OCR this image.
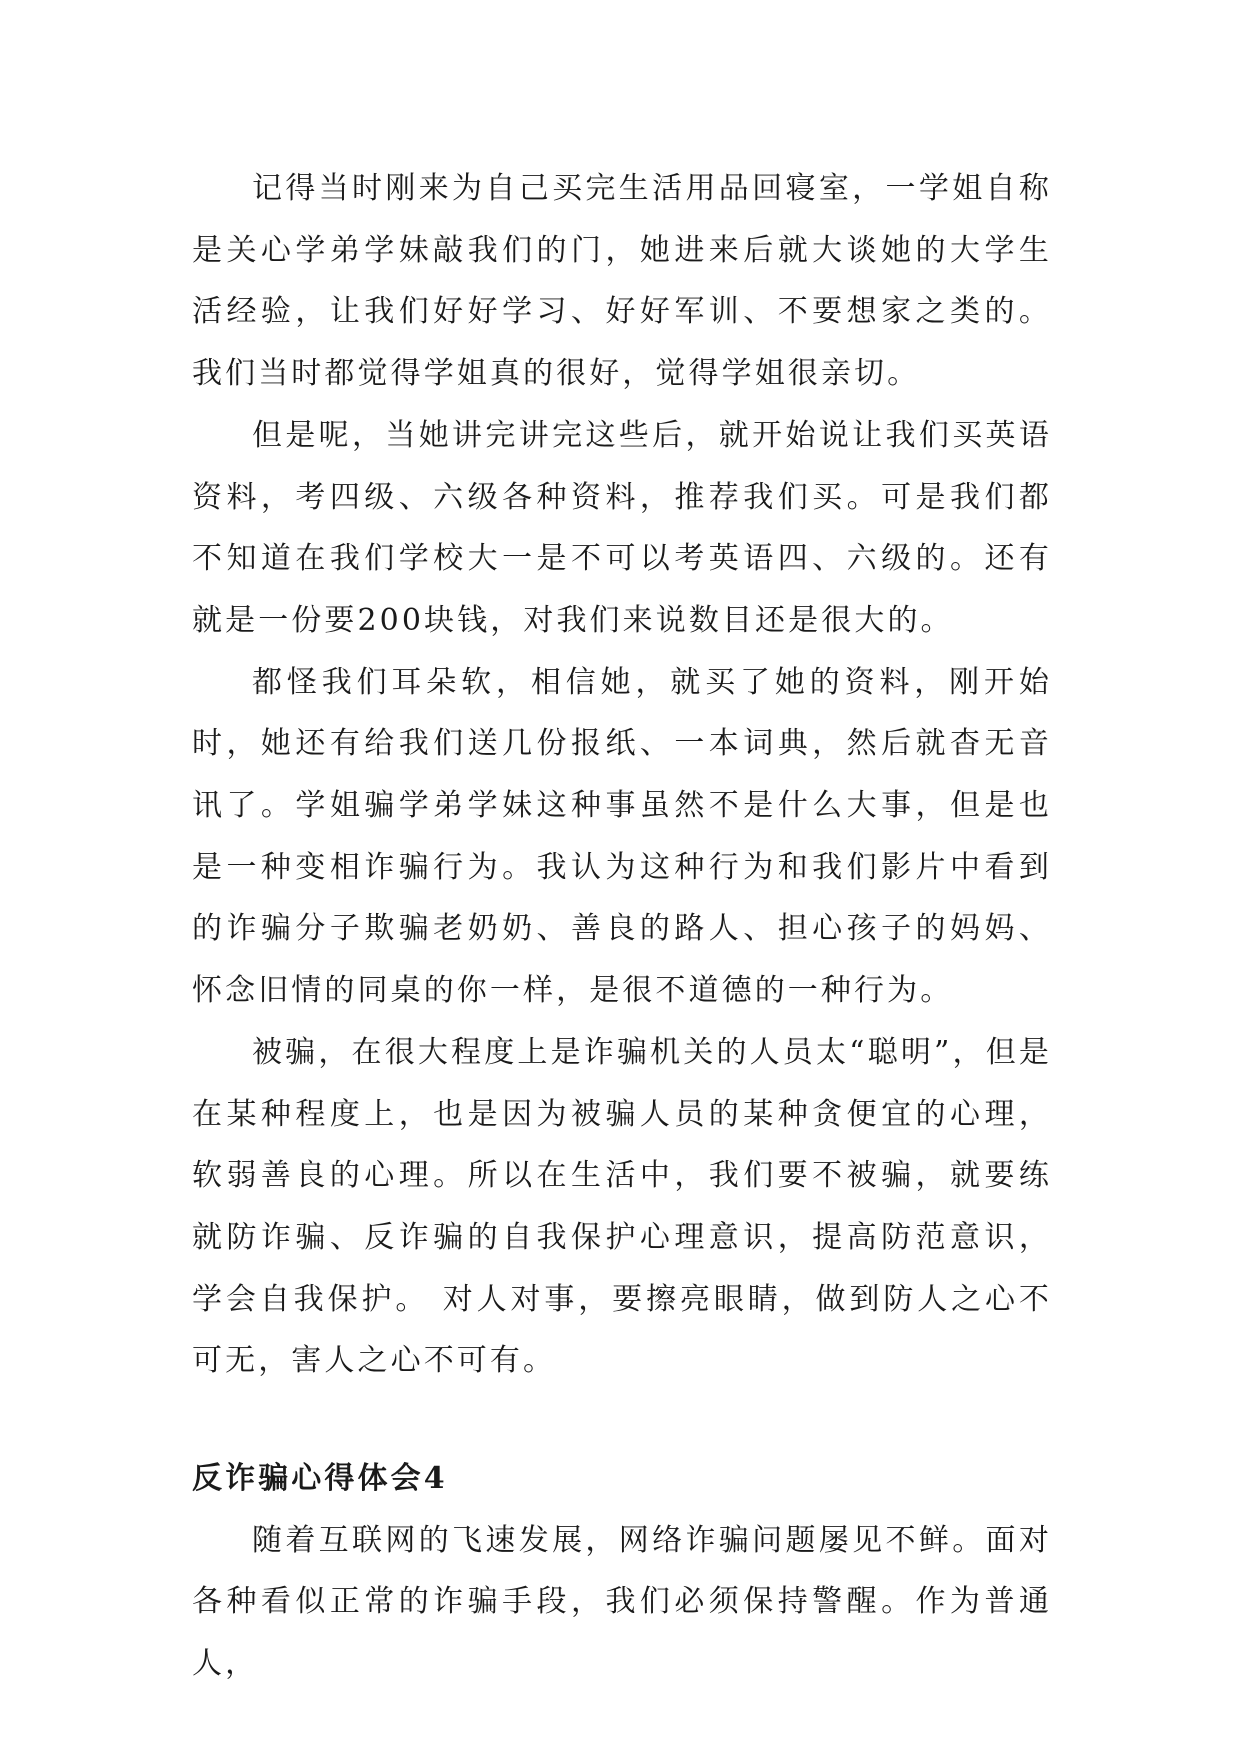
记得当时刚来为自己买完生活用品回寝室，一学姐自称是关心学弟学妹敲我们的门，她进来后就大谈她的大学生活经验，让我们好好学习、好好军训、不要想家之类的。我们当时都觉得学姐真的很好，觉得学姐很亲切。

但是呢，当她讲完讲完这些后，就开始说让我们买英语资料，考四级、六级各种资料，推荐我们买。可是我们都不知道在我们学校大一是不可以考英语四、六级的。还有就是一份要200块钱，对我们来说数目还是很大的。

都怪我们耳朵软，相信她，就买了她的资料，刚开始时，她还有给我们送几份报纸、一本词典，然后就杳无音讯了。学姐骗学弟学妹这种事虽然不是什么大事，但是也是一种变相诈骗行为。我认为这种行为和我们影片中看到的诈骗分子欺骗老奶奶、善良的路人、担心孩子的妈妈、怀念旧情的同桌的你一样，是很不道德的一种行为。

被骗，在很大程度上是诈骗机关的人员太“聪明”，但是在某种程度上，也是因为被骗人员的某种贪便宜的心理，软弱善良的心理。所以在生活中，我们要不被骗，就要练就防诈骗、反诈骗的自我保护心理意识，提高防范意识，学会自我保护。 对人对事，要擦亮眼睛，做到防人之心不可无，害人之心不可有。

反诈骗心得体会4

随着互联网的飞速发展，网络诈骗问题屡见不鲜。面对各种看似正常的诈骗手段，我们必须保持警醒。作为普通人，
